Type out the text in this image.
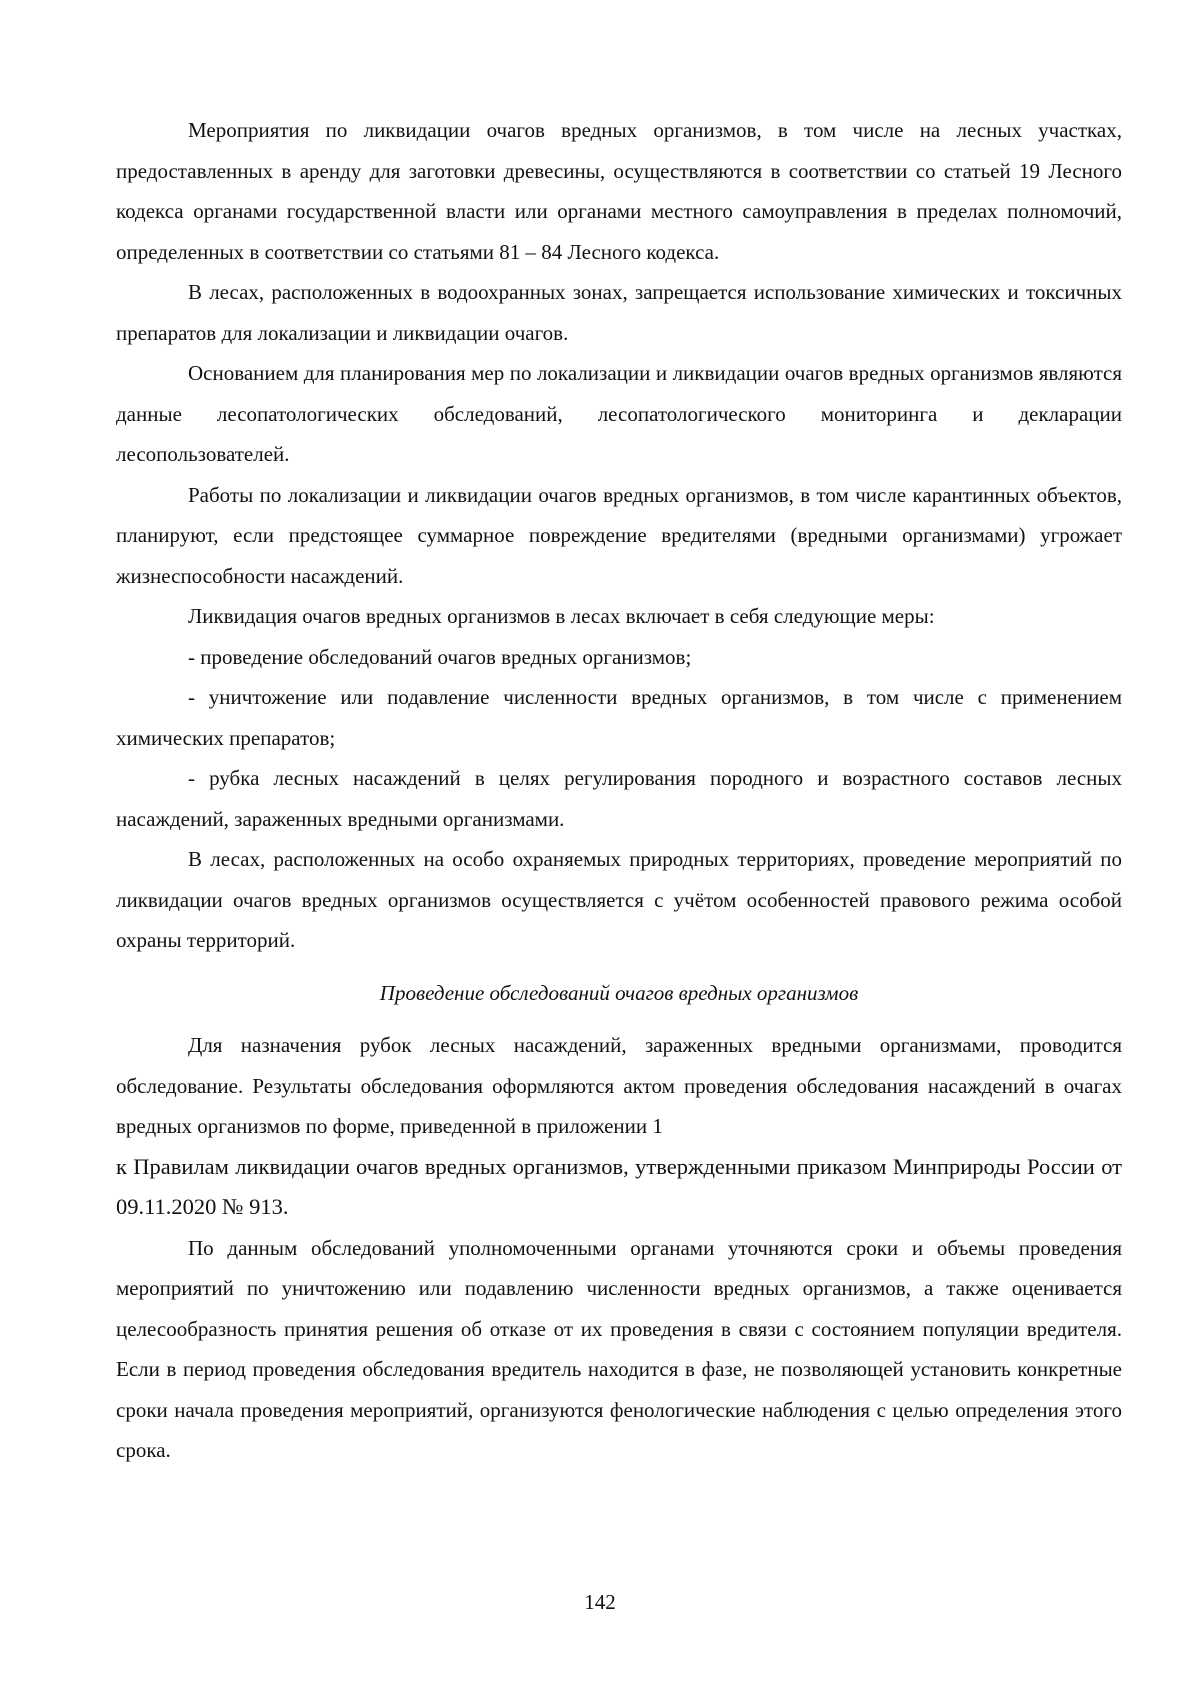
Мероприятия по ликвидации очагов вредных организмов, в том числе на лесных участках, предоставленных в аренду для заготовки древесины, осуществляются в соответствии со статьей 19 Лесного кодекса органами государственной власти или органами местного самоуправления в пределах полномочий, определенных в соответствии со статьями 81 – 84 Лесного кодекса.

В лесах, расположенных в водоохранных зонах, запрещается использование химических и токсичных препаратов для локализации и ликвидации очагов.

Основанием для планирования мер по локализации и ликвидации очагов вредных организмов являются данные лесопатологических обследований, лесопатологического мониторинга и декларации лесопользователей.

Работы по локализации и ликвидации очагов вредных организмов, в том числе карантинных объектов, планируют, если предстоящее суммарное повреждение вредителями (вредными организмами) угрожает жизнеспособности насаждений.

Ликвидация очагов вредных организмов в лесах включает в себя следующие меры:

- проведение обследований очагов вредных организмов;

- уничтожение или подавление численности вредных организмов, в том числе с применением химических препаратов;

- рубка лесных насаждений в целях регулирования породного и возрастного составов лесных насаждений, зараженных вредными организмами.

В лесах, расположенных на особо охраняемых природных территориях, проведение мероприятий по ликвидации очагов вредных организмов осуществляется с учётом особенностей правового режима особой охраны территорий.

Проведение обследований очагов вредных организмов

Для назначения рубок лесных насаждений, зараженных вредными организмами, проводится обследование. Результаты обследования оформляются актом проведения обследования насаждений в очагах вредных организмов по форме, приведенной в приложении 1

к Правилам ликвидации очагов вредных организмов, утвержденными приказом Минприроды России от 09.11.2020 № 913.

По данным обследований уполномоченными органами уточняются сроки и объемы проведения мероприятий по уничтожению или подавлению численности вредных организмов, а также оценивается целесообразность принятия решения об отказе от их проведения в связи с состоянием популяции вредителя. Если в период проведения обследования вредитель находится в фазе, не позволяющей установить конкретные сроки начала проведения мероприятий, организуются фенологические наблюдения с целью определения этого срока.

142
